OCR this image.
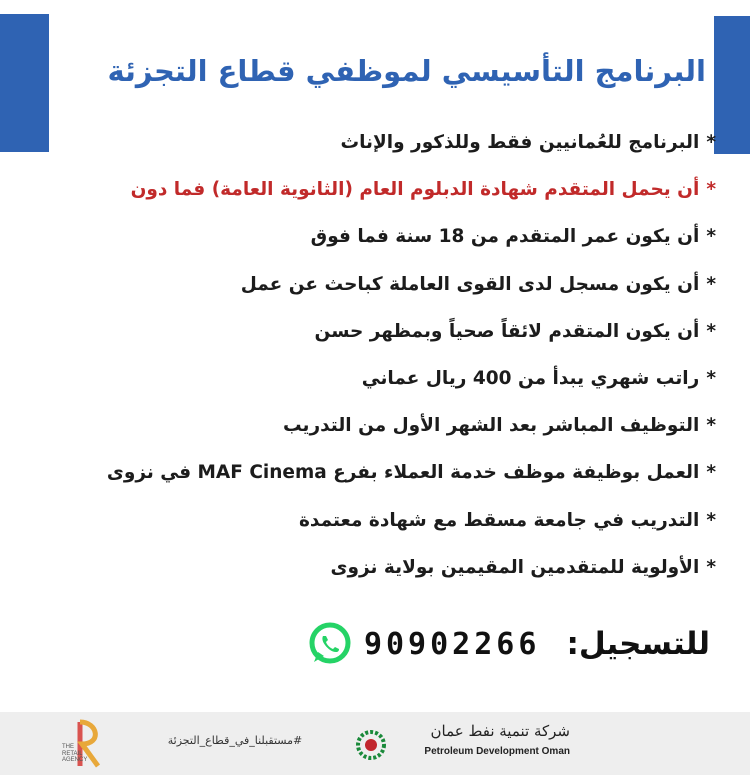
البرنامج التأسيسي لموظفي قطاع التجزئة
*البرنامج للعُمانيين فقط وللذكور والإناث
*أن يحمل المتقدم شهادة الدبلوم العام (الثانوية العامة) فما دون
*أن يكون عمر المتقدم من 18 سنة فما فوق
*أن يكون مسجل لدى القوى العاملة كباحث عن عمل
*أن يكون المتقدم لائقاً صحياً وبمظهر حسن
*راتب شهري يبدأ من 400 ريال عماني
*التوظيف المباشر بعد الشهر الأول من التدريب
*العمل بوظيفة موظف خدمة العملاء بفرع MAF Cinema في نزوى
*التدريب في جامعة مسقط مع شهادة معتمدة
*الأولوية للمتقدمين المقيمين بولاية نزوى
للتسجيل:
90902266
THE RETAIL AGENCY
#مستقبلنا_في_قطاع_التجزئة
شركة تنمية نفط عمان
Petroleum Development Oman
